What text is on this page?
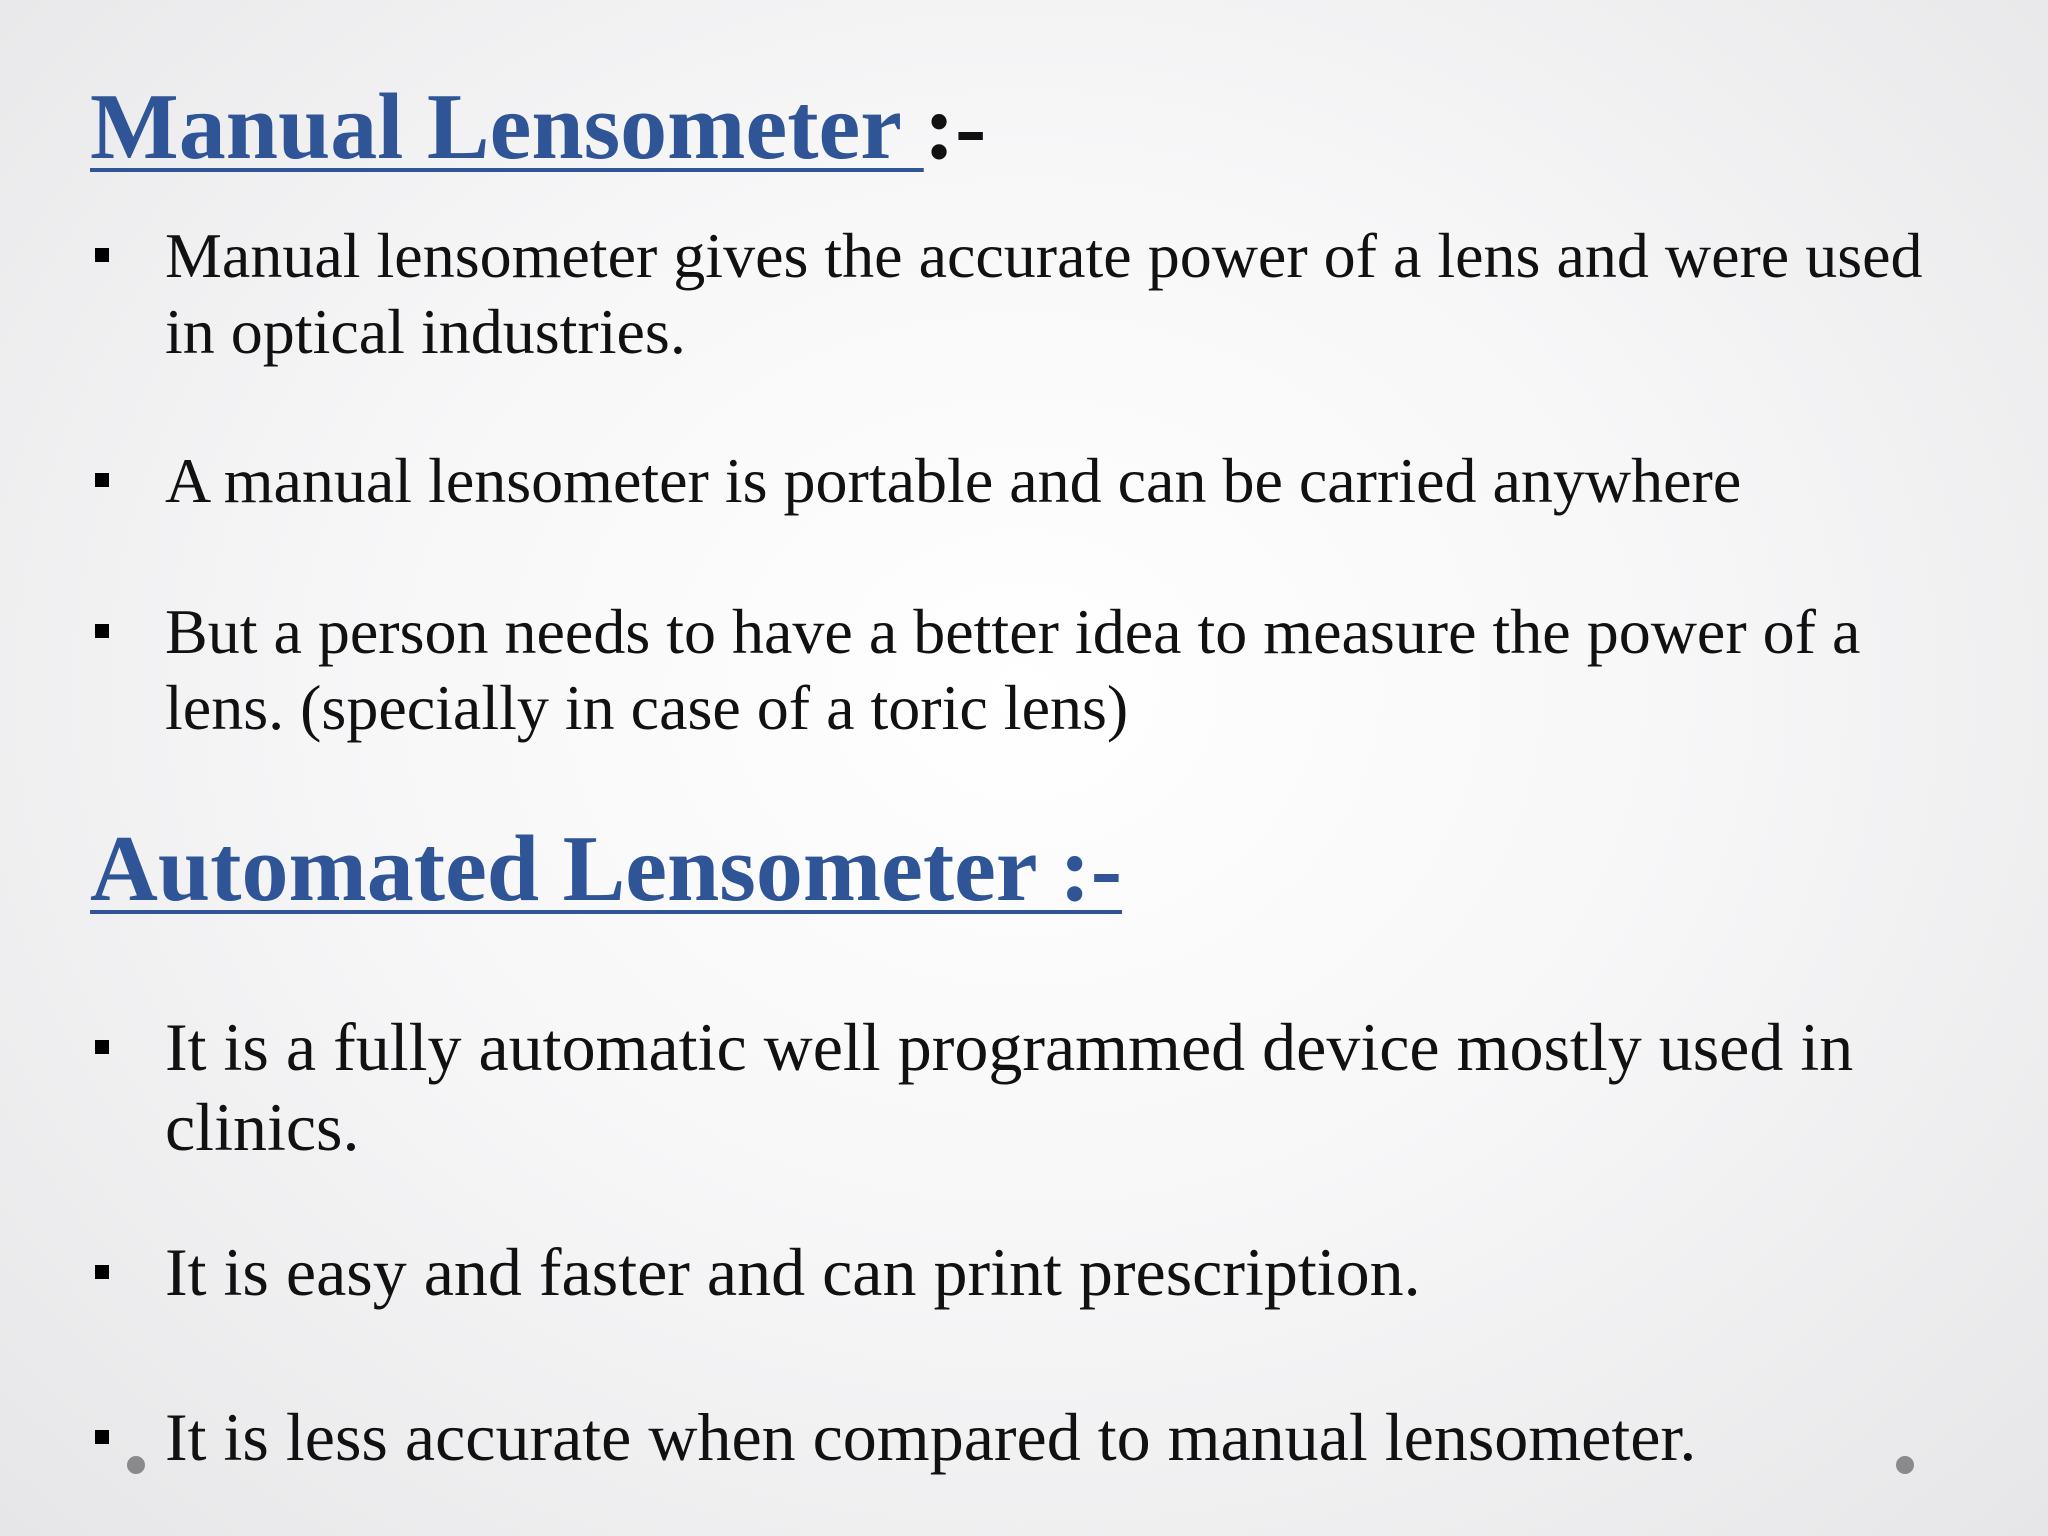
Manual Lensometer :-
Manual lensometer gives the accurate power of a lens and were used in optical industries.
A manual lensometer is portable and can be carried anywhere
But a person needs to have a better idea to measure the power of a lens. (specially in case of a toric lens)
Automated Lensometer :-
It is a fully automatic well programmed device mostly used in clinics.
It is easy and faster and can print prescription.
It is less accurate when compared to manual lensometer.
